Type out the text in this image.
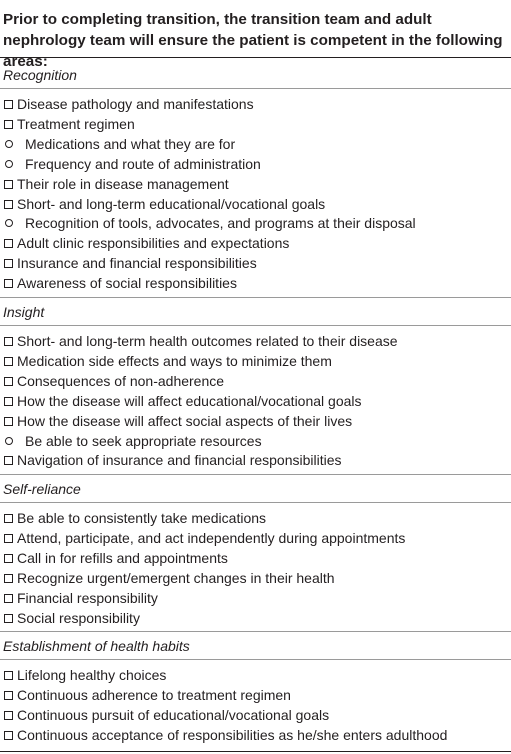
Prior to completing transition, the transition team and adult nephrology team will ensure the patient is competent in the following areas:

Recognition
Disease pathology and manifestations
Treatment regimen
Medications and what they are for
Frequency and route of administration
Their role in disease management
Short- and long-term educational/vocational goals
Recognition of tools, advocates, and programs at their disposal
Adult clinic responsibilities and expectations
Insurance and financial responsibilities
Awareness of social responsibilities
Insight
Short- and long-term health outcomes related to their disease
Medication side effects and ways to minimize them
Consequences of non-adherence
How the disease will affect educational/vocational goals
How the disease will affect social aspects of their lives
Be able to seek appropriate resources
Navigation of insurance and financial responsibilities
Self-reliance
Be able to consistently take medications
Attend, participate, and act independently during appointments
Call in for refills and appointments
Recognize urgent/emergent changes in their health
Financial responsibility
Social responsibility
Establishment of health habits
Lifelong healthy choices
Continuous adherence to treatment regimen
Continuous pursuit of educational/vocational goals
Continuous acceptance of responsibilities as he/she enters adulthood
